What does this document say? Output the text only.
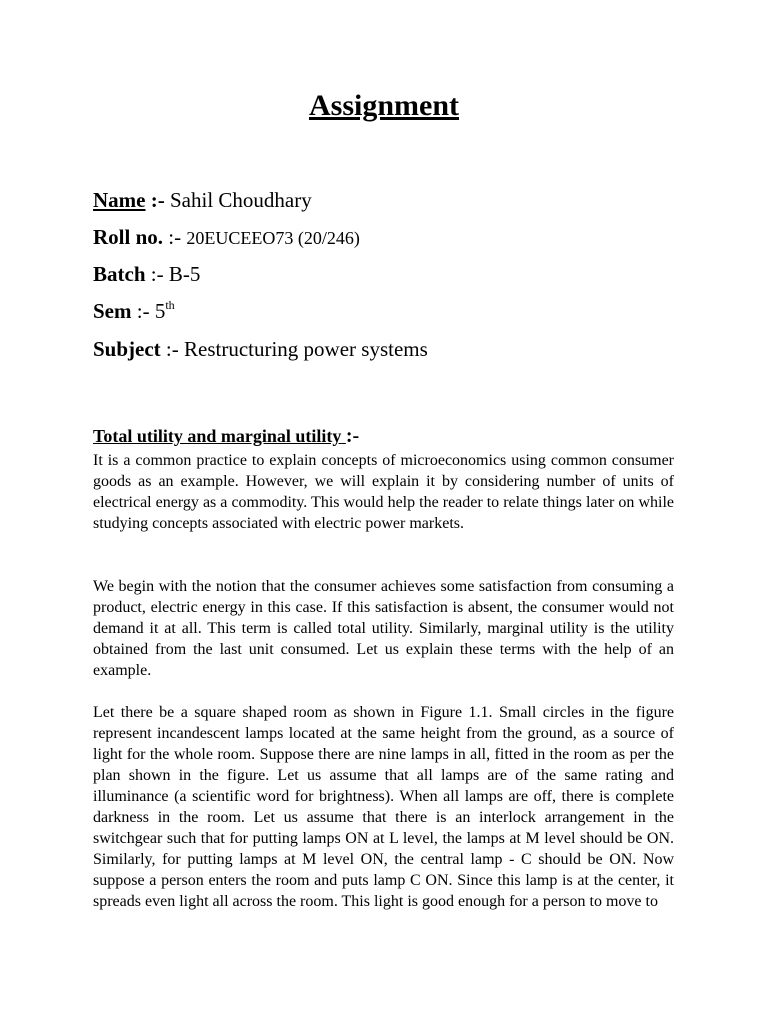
Assignment

Name :- Sahil Choudhary

Roll no. :- 20EUCEEO73 (20/246)

Batch :- B-5

Sem :- 5th

Subject :- Restructuring power systems

Total utility and marginal utility :-

It is a common practice to explain concepts of microeconomics using common consumer goods as an example. However, we will explain it by considering number of units of electrical energy as a commodity. This would help the reader to relate things later on while studying concepts associated with electric power markets.

We begin with the notion that the consumer achieves some satisfaction from consuming a product, electric energy in this case. If this satisfaction is absent, the consumer would not demand it at all. This term is called total utility. Similarly, marginal utility is the utility obtained from the last unit consumed. Let us explain these terms with the help of an example.

Let there be a square shaped room as shown in Figure 1.1. Small circles in the figure represent incandescent lamps located at the same height from the ground, as a source of light for the whole room. Suppose there are nine lamps in all, fitted in the room as per the plan shown in the figure. Let us assume that all lamps are of the same rating and illuminance (a scientific word for brightness). When all lamps are off, there is complete darkness in the room. Let us assume that there is an interlock arrangement in the switchgear such that for putting lamps ON at L level, the lamps at M level should be ON. Similarly, for putting lamps at M level ON, the central lamp - C should be ON. Now suppose a person enters the room and puts lamp C ON. Since this lamp is at the center, it spreads even light all across the room. This light is good enough for a person to move to
